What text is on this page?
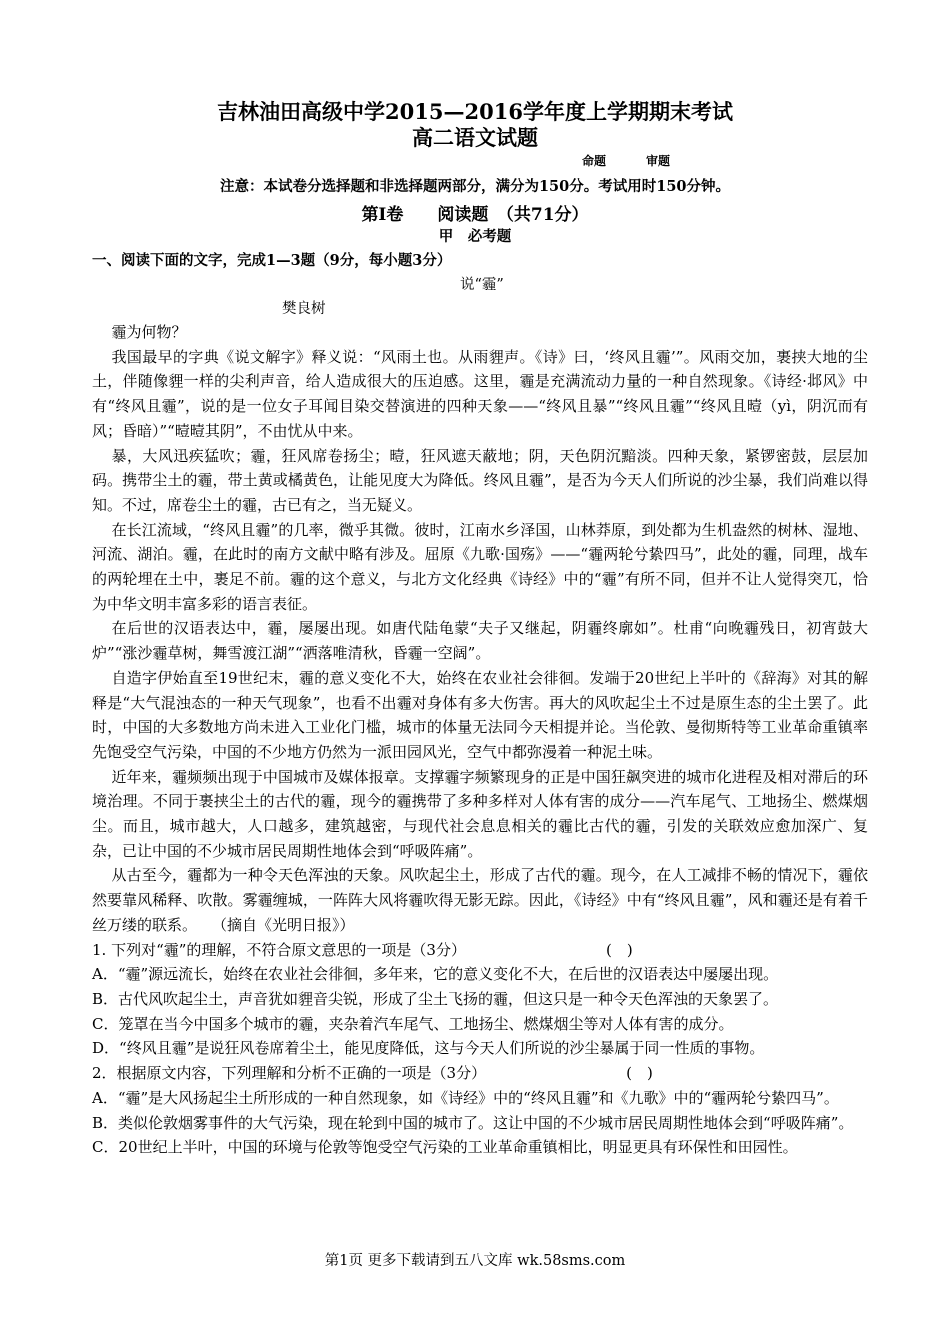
吉林油田高级中学2015—2016学年度上学期期末考试
高二语文试题
命题	审题
注意：本试卷分选择题和非选择题两部分，满分为150分。考试用时150分钟。
第Ⅰ卷　　阅读题　（共71分）
甲　必考题
一、阅读下面的文字，完成1—3题（9分，每小题3分）
说“霾”
樊良树

霾为何物？

我国最早的字典《说文解字》释义说：“风雨土也。从雨貍声。《诗》曰，‘终风且霾’”。风雨交加，裹挟大地的尘土，伴随像貍一样的尖利声音，给人造成很大的压迫感。这里，霾是充满流动力量的一种自然现象。《诗经·邶风》中有“终风且霾”，说的是一位女子耳闻目染交替演进的四种天象——“终风且暴”“终风且霾”“终风且曀（yì，阴沉而有风；昏暗）”“曀曀其阴”，不由忧从中来。

暴，大风迅疾猛吹；霾，狂风席卷扬尘；曀，狂风遮天蔽地；阴，天色阴沉黯淡。四种天象，紧锣密鼓，层层加码。携带尘土的霾，带土黄或橘黄色，让能见度大为降低。终风且霾”，是否为今天人们所说的沙尘暴，我们尚难以得知。不过，席卷尘土的霾，古已有之，当无疑义。

在长江流域，“终风且霾”的几率，微乎其微。彼时，江南水乡泽国，山林莽原，到处都为生机盎然的树林、湿地、河流、湖泊。霾，在此时的南方文献中略有涉及。屈原《九歌·国殇》——“霾两轮兮絷四马”，此处的霾，同理，战车的两轮埋在土中，裹足不前。霾的这个意义，与北方文化经典《诗经》中的“霾”有所不同，但并不让人觉得突兀，恰为中华文明丰富多彩的语言表征。

在后世的汉语表达中，霾，屡屡出现。如唐代陆龟蒙“夫子又继起，阴霾终廓如”。杜甫“向晚霾残日，初宵鼓大炉”“涨沙霾草树，舞雪渡江湖”“洒落唯清秋，昏霾一空阔”。

自造字伊始直至19世纪末，霾的意义变化不大，始终在农业社会徘徊。发端于20世纪上半叶的《辞海》对其的解释是“大气混浊态的一种天气现象”，也看不出霾对身体有多大伤害。再大的风吹起尘土不过是原生态的尘土罢了。此时，中国的大多数地方尚未进入工业化门槛，城市的体量无法同今天相提并论。当伦敦、曼彻斯特等工业革命重镇率先饱受空气污染，中国的不少地方仍然为一派田园风光，空气中都弥漫着一种泥土味。

近年来，霾频频出现于中国城市及媒体报章。支撑霾字频繁现身的正是中国狂飙突进的城市化进程及相对滞后的环境治理。不同于裹挟尘土的古代的霾，现今的霾携带了多种多样对人体有害的成分——汽车尾气、工地扬尘、燃煤烟尘。而且，城市越大，人口越多，建筑越密，与现代社会息息相关的霾比古代的霾，引发的关联效应愈加深广、复杂，已让中国的不少城市居民周期性地体会到“呼吸阵痛”。

从古至今，霾都为一种令天色浑浊的天象。风吹起尘土，形成了古代的霾。现今，在人工减排不畅的情况下，霾依然要靠风稀释、吹散。雾霾缠城，一阵阵大风将霾吹得无影无踪。因此，《诗经》中有“终风且霾”，风和霾还是有着千丝万缕的联系。　　（摘自《光明日报》）

1. 下列对“霾”的理解，不符合原文意思的一项是（3分）	(　)

A．“霾”源远流长，始终在农业社会徘徊，多年来，它的意义变化不大，在后世的汉语表达中屡屡出现。

B．古代风吹起尘土，声音犹如貍音尖锐，形成了尘土飞扬的霾，但这只是一种令天色浑浊的天象罢了。

C．笼罩在当今中国多个城市的霾，夹杂着汽车尾气、工地扬尘、燃煤烟尘等对人体有害的成分。

D．“终风且霾”是说狂风卷席着尘土，能见度降低，这与今天人们所说的沙尘暴属于同一性质的事物。

2．根据原文内容，下列理解和分析不正确的一项是（3分）	(　)

A．“霾”是大风扬起尘土所形成的一种自然现象，如《诗经》中的“终风且霾”和《九歌》中的“霾两轮兮絷四马”。

B．类似伦敦烟雾事件的大气污染，现在轮到中国的城市了。这让中国的不少城市居民周期性地体会到“呼吸阵痛”。

C．20世纪上半叶，中国的环境与伦敦等饱受空气污染的工业革命重镇相比，明显更具有环保性和田园性。

第1页 更多下载请到五八文库 wk.58sms.com
